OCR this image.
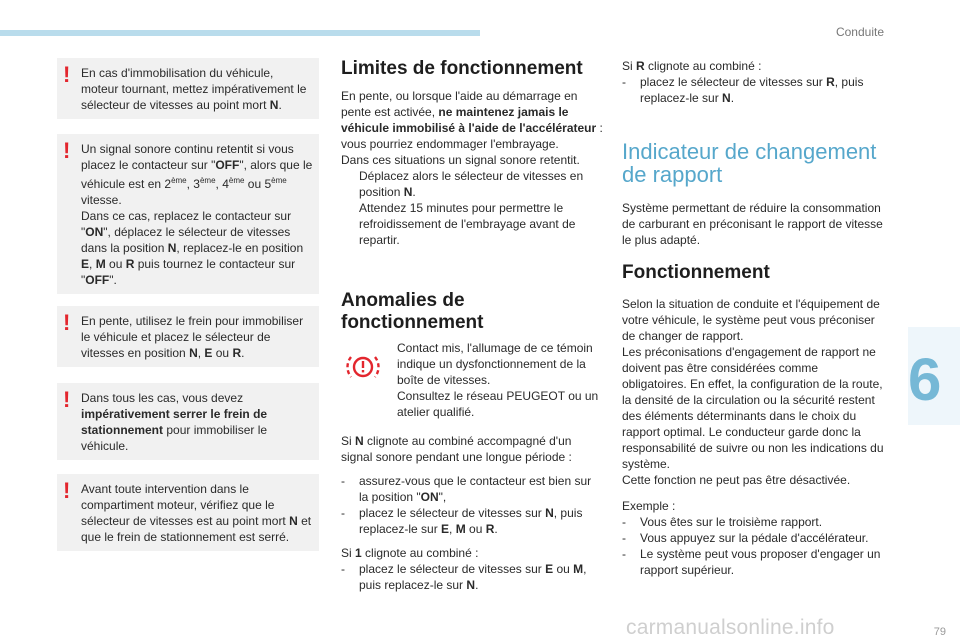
Conduite
6
! En cas d'immobilisation du véhicule, moteur tournant, mettez impérativement le sélecteur de vitesses au point mort N.

! Un signal sonore continu retentit si vous placez le contacteur sur "OFF", alors que le véhicule est en 2ème, 3ème, 4ème ou 5ème vitesse.

Dans ce cas, replacez le contacteur sur "ON", déplacez le sélecteur de vitesses dans la position N, replacez-le en position E, M ou R puis tournez le contacteur sur "OFF".

! En pente, utilisez le frein pour immobiliser le véhicule et placez le sélecteur de vitesses en position N, E ou R.

! Dans tous les cas, vous devez impérativement serrer le frein de stationnement pour immobiliser le véhicule.

! Avant toute intervention dans le compartiment moteur, vérifiez que le sélecteur de vitesses est au point mort N et que le frein de stationnement est serré.

Limites de fonctionnement

En pente, ou lorsque l'aide au démarrage en pente est activée, ne maintenez jamais le véhicule immobilisé à l'aide de l'accélérateur : vous pourriez endommager l'embrayage.

Dans ces situations un signal sonore retentit.

Déplacez alors le sélecteur de vitesses en position N.
Attendez 15 minutes pour permettre le refroidissement de l'embrayage avant de repartir.
Anomalies de fonctionnement

Contact mis, l'allumage de ce témoin indique un dysfonctionnement de la boîte de vitesses.

Consultez le réseau PEUGEOT ou un atelier qualifié.

Si N clignote au combiné accompagné d'un signal sonore pendant une longue période :

- assurez-vous que le contacteur est bien sur la position "ON",
- placez le sélecteur de vitesses sur N, puis replacez-le sur E, M ou R.

Si 1 clignote au combiné :

- placez le sélecteur de vitesses sur E ou M, puis replacez-le sur N.

Si R clignote au combiné :

- placez le sélecteur de vitesses sur R, puis replacez-le sur N.
Indicateur de changement de rapport

Système permettant de réduire la consommation de carburant en préconisant le rapport de vitesse le plus adapté.

Fonctionnement

Selon la situation de conduite et l'équipement de votre véhicule, le système peut vous préconiser de changer de rapport.

Les préconisations d'engagement de rapport ne doivent pas être considérées comme obligatoires. En effet, la configuration de la route, la densité de la circulation ou la sécurité restent des éléments déterminants dans le choix du rapport optimal. Le conducteur garde donc la responsabilité de suivre ou non les indications du système.

Cette fonction ne peut pas être désactivée.

Exemple :

- Vous êtes sur le troisième rapport.
- Vous appuyez sur la pédale d'accélérateur.
- Le système peut vous proposer d'engager un rapport supérieur.
carmanualsonline.info	79
